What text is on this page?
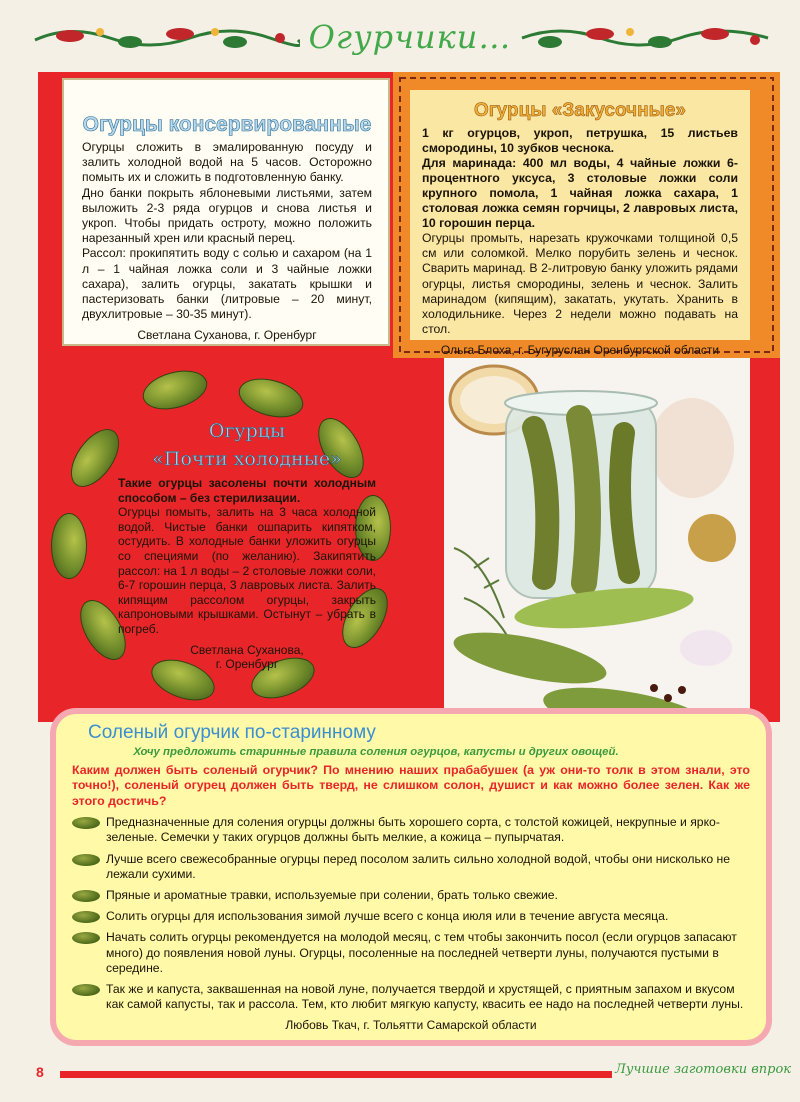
Огурчики…
Огурцы консервированные

Огурцы сложить в эмалированную посуду и залить холодной водой на 5 часов. Осторожно помыть их и сложить в подготовленную банку.

Дно банки покрыть яблоневыми листьями, затем выложить 2-3 ряда огурцов и снова листья и укроп. Чтобы придать остроту, можно положить нарезанный хрен или красный перец.

Рассол: прокипятить воду с солью и сахаром (на 1 л – 1 чайная ложка соли и 3 чайные ложки сахара), залить огурцы, закатать крышки и пастеризовать банки (литровые – 20 минут, двухлитровые – 30-35 минут).

Светлана Суханова, г. Оренбург
Огурцы «Закусочные»

1 кг огурцов, укроп, петрушка, 15 листьев смородины, 10 зубков чеснока.

Для маринада: 400 мл воды, 4 чайные ложки 6-процентного уксуса, 3 столовые ложки соли крупного помола, 1 чайная ложка сахара, 1 столовая ложка семян горчицы, 2 лавровых листа, 10 горошин перца.

Огурцы промыть, нарезать кружочками толщиной 0,5 см или соломкой. Мелко порубить зелень и чеснок. Сварить маринад. В 2-литровую банку уложить рядами огурцы, листья смородины, зелень и чеснок. Залить маринадом (кипящим), закатать, укутать. Хранить в холодильнике. Через 2 недели можно подавать на стол.

Ольга Блоха, г. Бугуруслан Оренбургской области
Огурцы
«Почти холодные»

Такие огурцы засолены почти холодным способом – без стерилизации.

Огурцы помыть, залить на 3 часа холодной водой. Чистые банки ошпарить кипятком, остудить. В холодные банки уложить огурцы со специями (по желанию). Закипятить рассол: на 1 л воды – 2 столовые ложки соли, 6-7 горошин перца, 3 лавровых листа. Залить кипящим рассолом огурцы, закрыть капроновыми крышками. Остынут – убрать в погреб.

Светлана Суханова,
г. Оренбург
Соленый огурчик по-старинному
Хочу предложить старинные правила соления огурцов, капусты и других овощей.
Каким должен быть соленый огурчик? По мнению наших прабабушек (а уж они-то толк в этом знали, это точно!), соленый огурец должен быть тверд, не слишком солон, душист и как можно более зелен. Как же этого достичь?
Предназначенные для соления огурцы должны быть хорошего сорта, с толстой кожицей, некрупные и ярко-зеленые. Семечки у таких огурцов должны быть мелкие, а кожица – пупырчатая.
Лучше всего свежесобранные огурцы перед посолом залить сильно холодной водой, чтобы они нисколько не лежали сухими.
Пряные и ароматные травки, используемые при солении, брать только свежие.
Солить огурцы для использования зимой лучше всего с конца июля или в течение августа месяца.
Начать солить огурцы рекомендуется на молодой месяц, с тем чтобы закончить посол (если огурцов запасают много) до появления новой луны. Огурцы, посоленные на последней четверти луны, получаются пустыми в середине.
Так же и капуста, заквашенная на новой луне, получается твердой и хрустящей, с приятным запахом и вкусом как самой капусты, так и рассола. Тем, кто любит мягкую капусту, квасить ее надо на последней четверти луны.
Любовь Ткач, г. Тольятти Самарской области
8	Лучшие заготовки впрок
